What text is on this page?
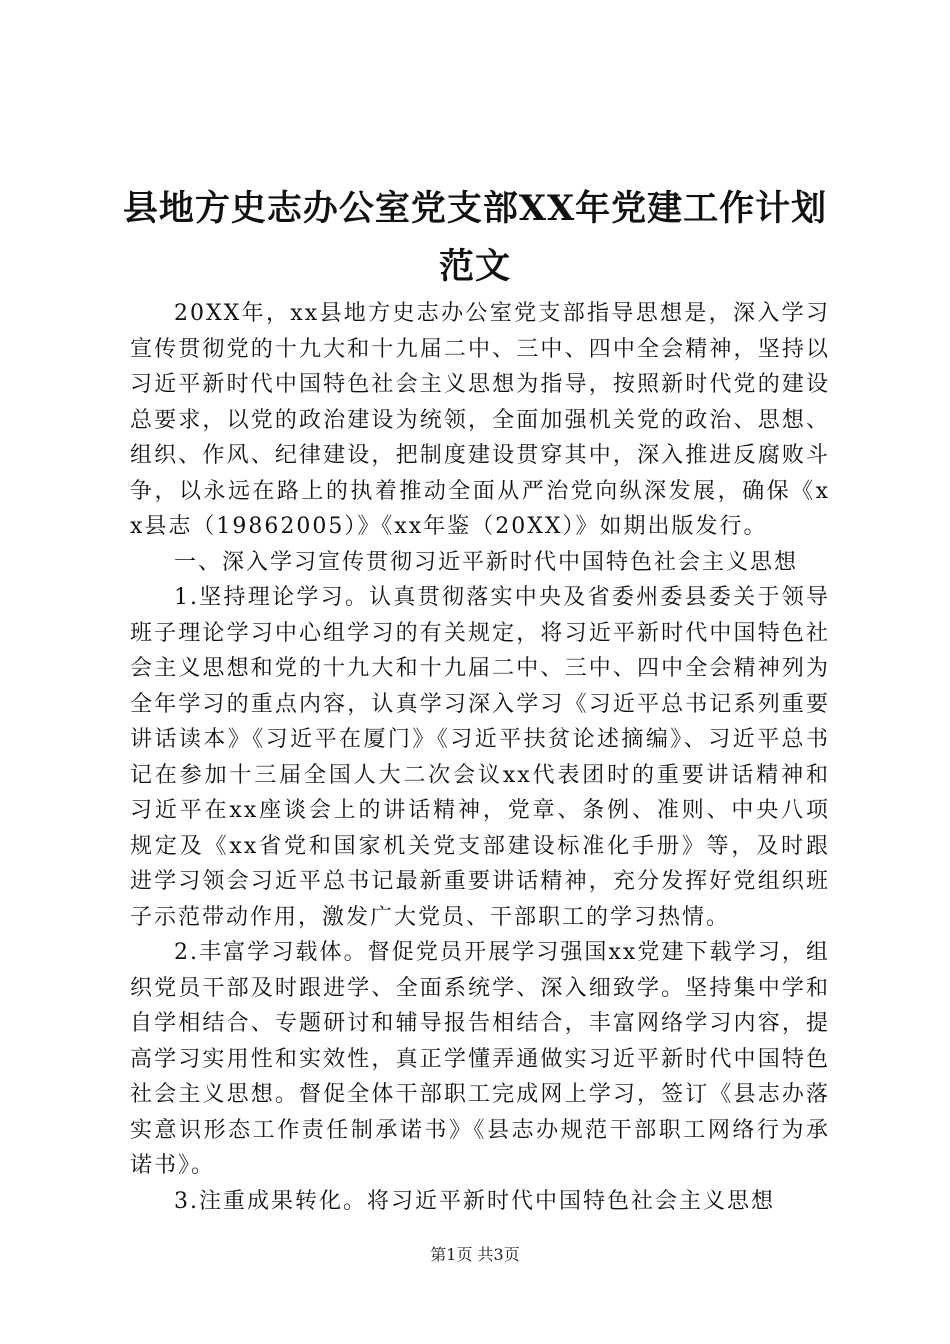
县地方史志办公室党支部XX年党建工作计划范文

20XX年，xx县地方史志办公室党支部指导思想是，深入学习宣传贯彻党的十九大和十九届二中、三中、四中全会精神，坚持以习近平新时代中国特色社会主义思想为指导，按照新时代党的建设总要求，以党的政治建设为统领，全面加强机关党的政治、思想、组织、作风、纪律建设，把制度建设贯穿其中，深入推进反腐败斗争，以永远在路上的执着推动全面从严治党向纵深发展，确保《xx县志（19862005）》《xx年鉴（20XX）》如期出版发行。

一、深入学习宣传贯彻习近平新时代中国特色社会主义思想

1.坚持理论学习。认真贯彻落实中央及省委州委县委关于领导班子理论学习中心组学习的有关规定，将习近平新时代中国特色社会主义思想和党的十九大和十九届二中、三中、四中全会精神列为全年学习的重点内容，认真学习深入学习《习近平总书记系列重要讲话读本》《习近平在厦门》《习近平扶贫论述摘编》、习近平总书记在参加十三届全国人大二次会议xx代表团时的重要讲话精神和习近平在xx座谈会上的讲话精神，党章、条例、准则、中央八项规定及《xx省党和国家机关党支部建设标准化手册》等，及时跟进学习领会习近平总书记最新重要讲话精神，充分发挥好党组织班子示范带动作用，激发广大党员、干部职工的学习热情。

2.丰富学习载体。督促党员开展学习强国xx党建下载学习，组织党员干部及时跟进学、全面系统学、深入细致学。坚持集中学和自学相结合、专题研讨和辅导报告相结合，丰富网络学习内容，提高学习实用性和实效性，真正学懂弄通做实习近平新时代中国特色社会主义思想。督促全体干部职工完成网上学习，签订《县志办落实意识形态工作责任制承诺书》《县志办规范干部职工网络行为承诺书》。

3.注重成果转化。将习近平新时代中国特色社会主义思想

第1页 共3页
